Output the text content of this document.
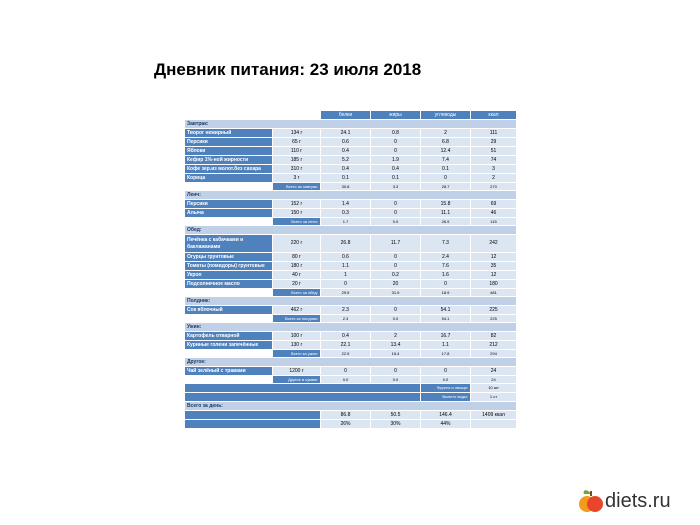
Дневник питания: 23 июля 2018
		белки	жиры	углеводы	ккал
Завтрак:					
Творог нежирный	134 г	24.1	0.8	2	111
Персики	65 г	0.6	0	6.8	29
Яблоки	110 г	0.4	0	12.4	51
Кефир 1%-ной жирности	185 г	5.2	1.9	7.4	74
Кофе зер.из молот.без сахара	310 г	0.4	0.4	0.1	3
Корица	3 г	0.1	0.1	0	2
	Всего за завтрак:	30.8	3.3	28.7	270
Ленч:					
Персики	152 г	1.4	0	15.8	69
Алыча	150 г	0.3	0	11.1	46
	Всего за ленч:	1.7	0.0	26.9	115
Обед:					
Печёнка с кабачками и баклажанами	220 г	26.8	11.7	7.3	242
Огурцы грунтовые	80 г	0.6	0	2.4	12
Томаты (помидоры) грунтовые	180 г	1.1	0	7.6	35
Укроп	40 г	1	0.2	1.6	12
Подсолнечное масло	20 г	0	20	0	180
	Всего за обед:	29.5	31.9	18.9	481
Полдник:					
Сок яблочный	462 г	2.3	0	54.1	225
	Всего за полдник:	2.3	0.0	54.1	225
Ужин:					
Картофель отварной	100 г	0.4	2	16.7	82
Куриные голени запечённые	130 г	22.1	13.4	1.1	212
	Всего за ужин:	22.5	15.4	17.8	294
Другое:					
Чай зелёный с травами	1200 г	0	0	0	24
	Другое в сумме:	0.0	0.0	0.0	24
				Фрукты и овощи:	10 шт
				Выпито воды:	1 ст
Всего за день:					
		86.8	50.5	146.4	1409 ккал
		26%	30%	44%	
diets.ru
